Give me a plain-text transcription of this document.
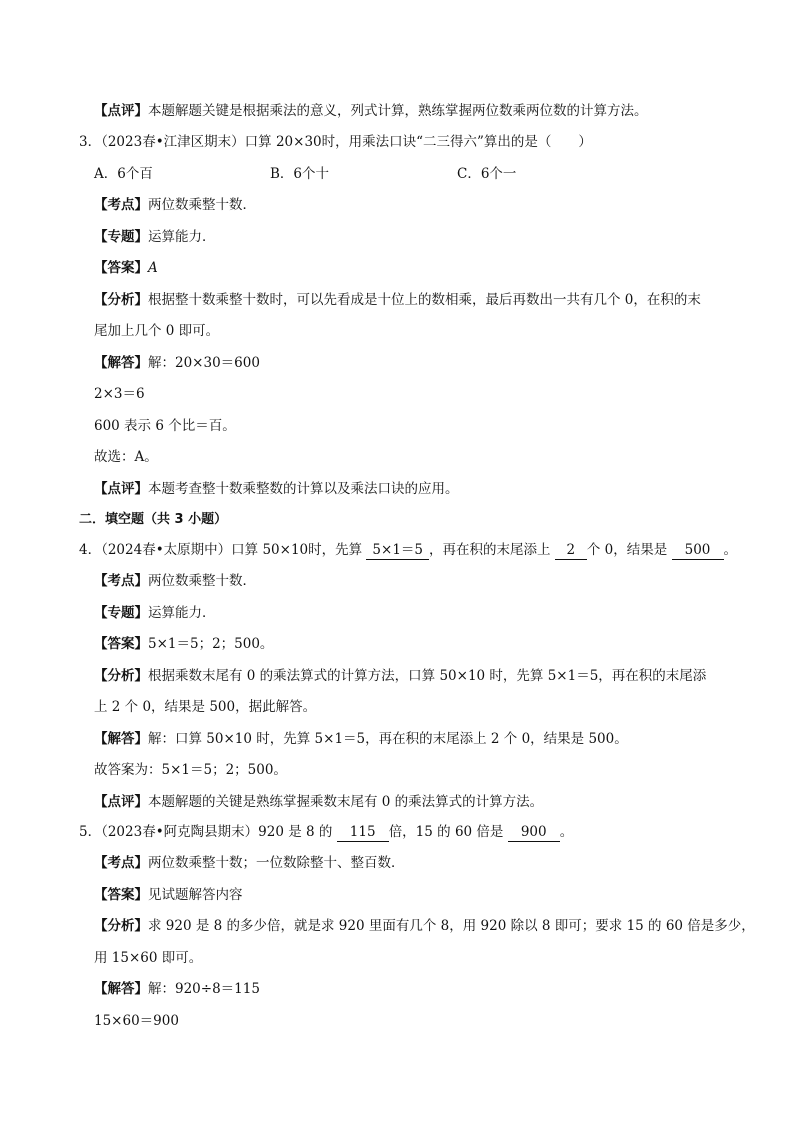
【点评】本题解题关键是根据乘法的意义，列式计算，熟练掌握两位数乘两位数的计算方法。
3．（2023春•江津区期末）口算 20×30时，用乘法口诀“二三得六”算出的是（　　）
A．6个百	B．6个十	C．6个一
【考点】两位数乘整十数．
【专题】运算能力．
【答案】A
【分析】根据整十数乘整十数时，可以先看成是十位上的数相乘，最后再数出一共有几个 0，在积的末
尾加上几个 0 即可。
【解答】解：20×30＝600
2×3＝6
600 表示 6 个比＝百。
故选：A。
【点评】本题考查整十数乘整数的计算以及乘法口诀的应用。
二．填空题（共 3 小题）
4．（2024春•太原期中）口算 50×10时，先算 5×1＝5 ，再在积的末尾添上 2 个 0，结果是 500 。
【考点】两位数乘整十数．
【专题】运算能力．
【答案】5×1＝5；2；500。
【分析】根据乘数末尾有 0 的乘法算式的计算方法，口算 50×10 时，先算 5×1＝5，再在积的末尾添
上 2 个 0，结果是 500，据此解答。
【解答】解：口算 50×10 时，先算 5×1＝5，再在积的末尾添上 2 个 0，结果是 500。
故答案为：5×1＝5；2；500。
【点评】本题解题的关键是熟练掌握乘数末尾有 0 的乘法算式的计算方法。
5．（2023春•阿克陶县期末）920 是 8 的 115 倍，15 的 60 倍是 900 。
【考点】两位数乘整十数；一位数除整十、整百数．
【答案】见试题解答内容
【分析】求 920 是 8 的多少倍，就是求 920 里面有几个 8，用 920 除以 8 即可；要求 15 的 60 倍是多少，
用 15×60 即可。
【解答】解：920÷8＝115
15×60＝900
